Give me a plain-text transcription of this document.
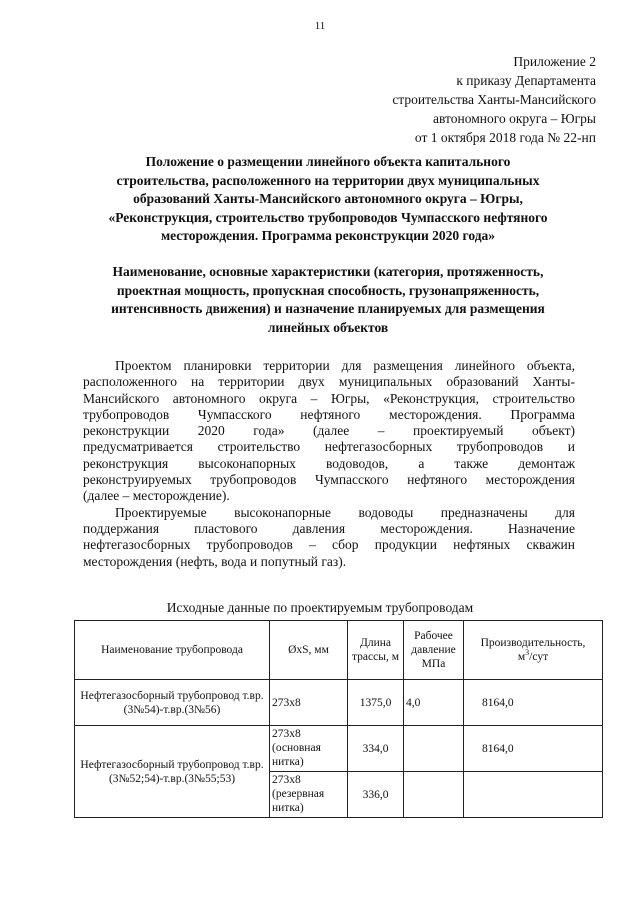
11
Приложение 2
к приказу Департамента
строительства Ханты-Мансийского
автономного округа – Югры
от 1 октября 2018 года № 22-нп
Положение о размещении линейного объекта капитального
строительства, расположенного на территории двух муниципальных
образований Ханты-Мансийского автономного округа – Югры,
«Реконструкция, строительство трубопроводов Чумпасского нефтяного
месторождения. Программа реконструкции 2020 года»
Наименование, основные характеристики (категория, протяженность,
проектная мощность, пропускная способность, грузонапряженность,
интенсивность движения) и назначение планируемых для размещения
линейных объектов
Проектом планировки территории для размещения линейного объекта,
расположенного на территории двух муниципальных образований Ханты-
Мансийского автономного округа – Югры, «Реконструкция, строительство
трубопроводов Чумпасского нефтяного месторождения. Программа
реконструкции 2020 года» (далее – проектируемый объект)
предусматривается строительство нефтегазосборных трубопроводов и
реконструкция высоконапорных водоводов, а также демонтаж
реконструируемых трубопроводов Чумпасского нефтяного месторождения
(далее – месторождение).
Проектируемые высоконапорные водоводы предназначены для
поддержания пластового давления месторождения. Назначение
нефтегазосборных трубопроводов – сбор продукции нефтяных скважин
месторождения (нефть, вода и попутный газ).
Исходные данные по проектируемым трубопроводам
Наименование трубопровода	ØxS, мм	Длина трассы, м	Рабочее давление МПа	Производительность,
$м^3$/сут
Нефтегазосборный трубопровод т.вр.(3№54)-т.вр.(3№56)	273х8	1375,0	4,0	8164,0
Нефтегазосборный трубопровод т.вр.(3№52;54)-т.вр.(3№55;53)	273х8 (основная нитка)	334,0		8164,0
	273х8 (резервная нитка)	336,0		
